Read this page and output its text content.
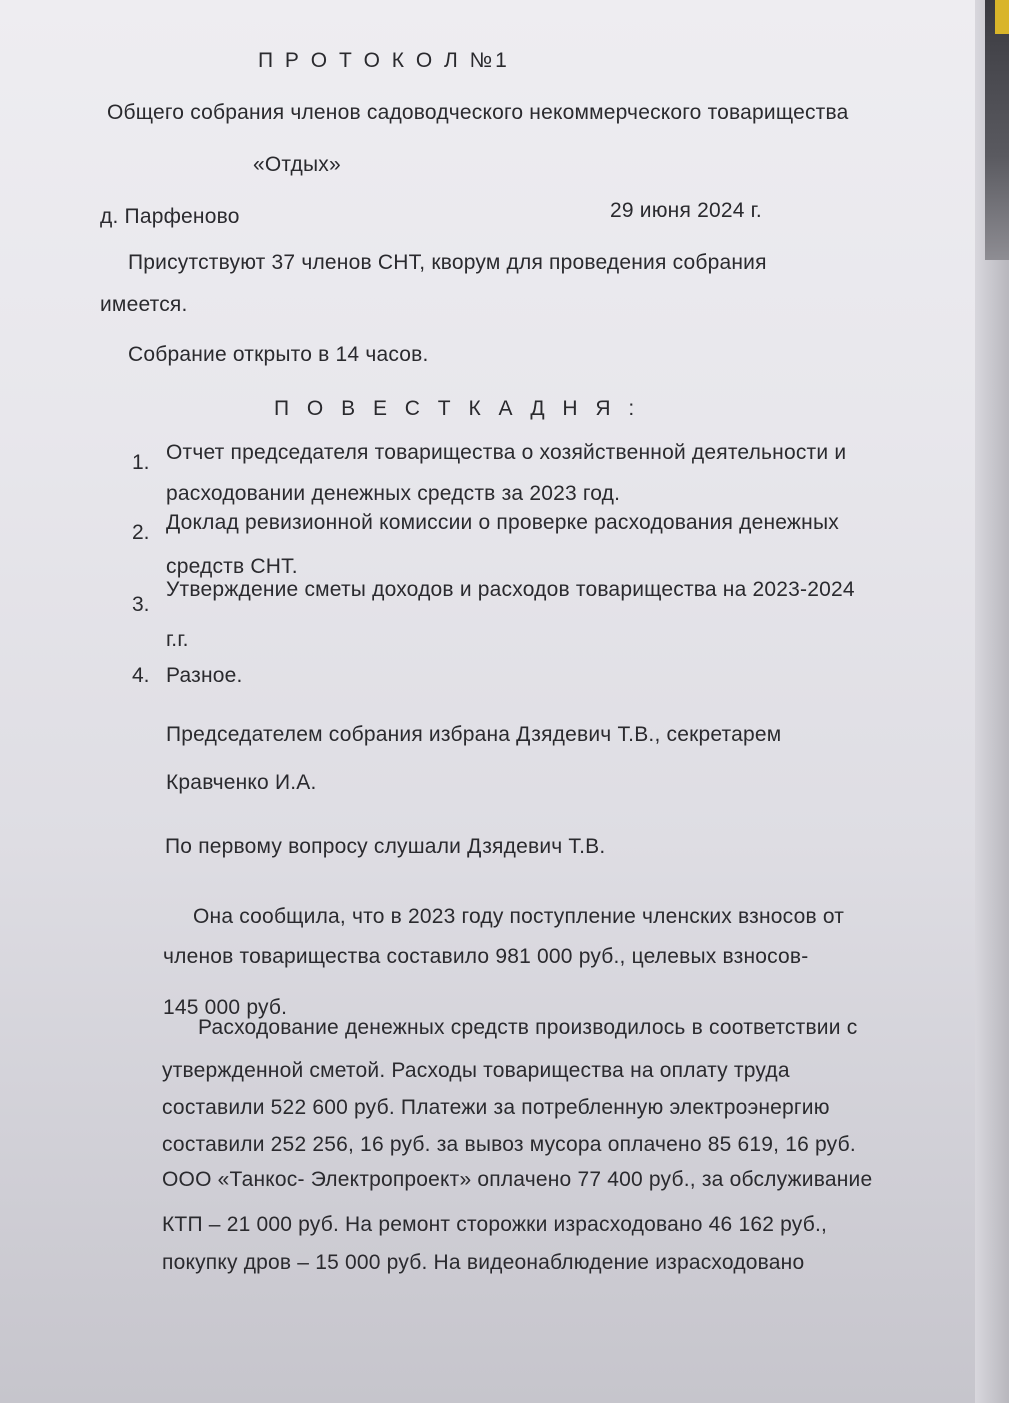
П Р О Т О К О Л №1

Общего собрания членов садоводческого некоммерческого товарищества

«Отдых»

д. Парфеново	29 июня 2024 г.

Присутствуют 37 членов СНТ, кворум для проведения собрания

имеется.

Собрание открыто в 14 часов.

П О В Е С Т К А Д Н Я :

1. Отчет председателя товарищества о хозяйственной деятельности и

расходовании денежных средств за 2023 год.

2. Доклад ревизионной комиссии о проверке расходования денежных

средств СНТ.

3.

Утверждение сметы доходов и расходов товарищества на 2023-2024

г.г.

4. Разное.

Председателем собрания избрана Дзядевич Т.В., секретарем

Кравченко И.А.

По первому вопросу слушали Дзядевич Т.В.

Она сообщила, что в 2023 году поступление членских взносов от

членов товарищества составило 981 000 руб., целевых взносов-

145 000 руб.

Расходование денежных средств производилось в соответствии с

утвержденной сметой. Расходы товарищества на оплату труда

составили 522 600 руб. Платежи за потребленную электроэнергию

составили 252 256, 16 руб. за вывоз мусора оплачено 85 619, 16 руб.

ООО «Танкос- Электропроект» оплачено 77 400 руб., за обслуживание

КТП – 21 000 руб. На ремонт сторожки израсходовано 46 162 руб.,

покупку дров – 15 000 руб. На видеонаблюдение израсходовано
